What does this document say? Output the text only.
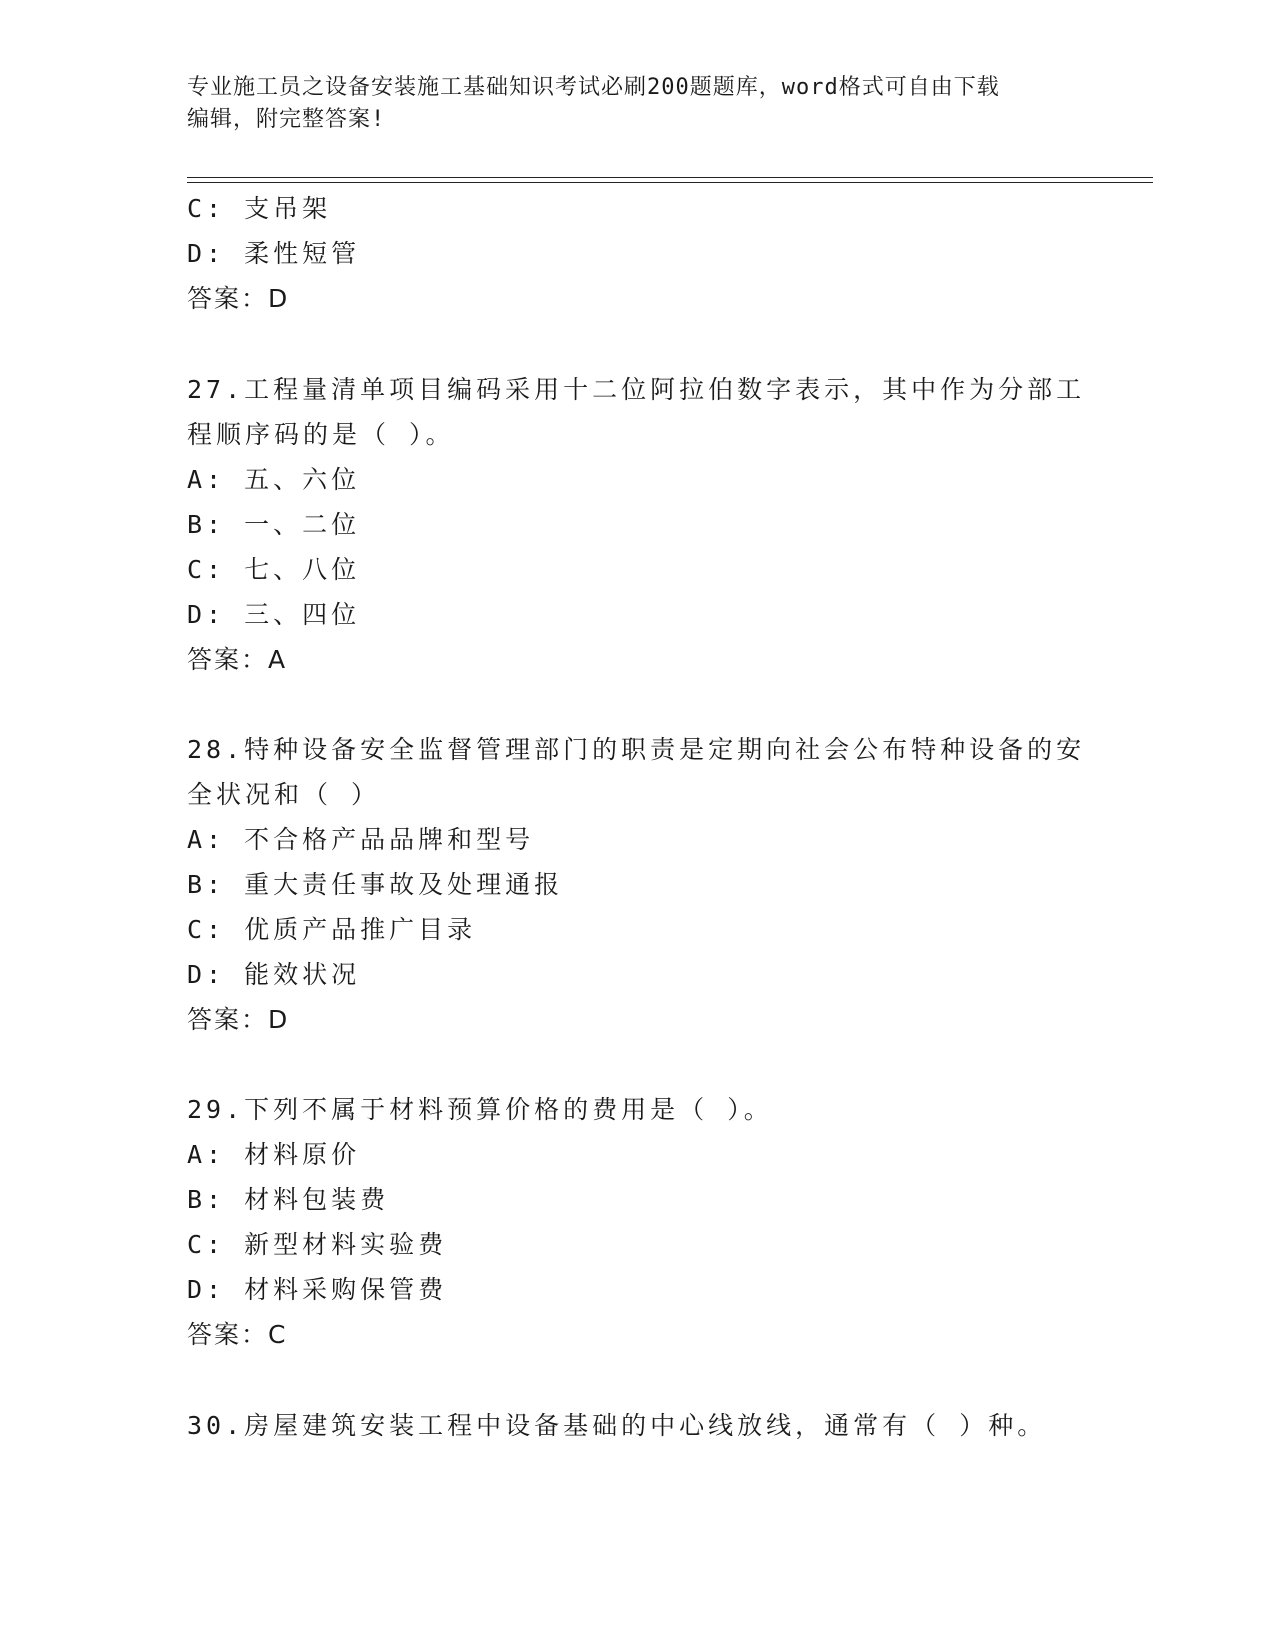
专业施工员之设备安装施工基础知识考试必刷200题题库，word格式可自由下载
编辑，附完整答案!
C: 支吊架
D: 柔性短管
答案：D
27.工程量清单项目编码采用十二位阿拉伯数字表示，其中作为分部工
程顺序码的是（ ）。
A: 五、六位
B: 一、二位
C: 七、八位
D: 三、四位
答案：A
28.特种设备安全监督管理部门的职责是定期向社会公布特种设备的安
全状况和（ ）
A: 不合格产品品牌和型号
B: 重大责任事故及处理通报
C: 优质产品推广目录
D: 能效状况
答案：D
29.下列不属于材料预算价格的费用是（ ）。
A: 材料原价
B: 材料包装费
C: 新型材料实验费
D: 材料采购保管费
答案：C
30.房屋建筑安装工程中设备基础的中心线放线，通常有（ ）种。
